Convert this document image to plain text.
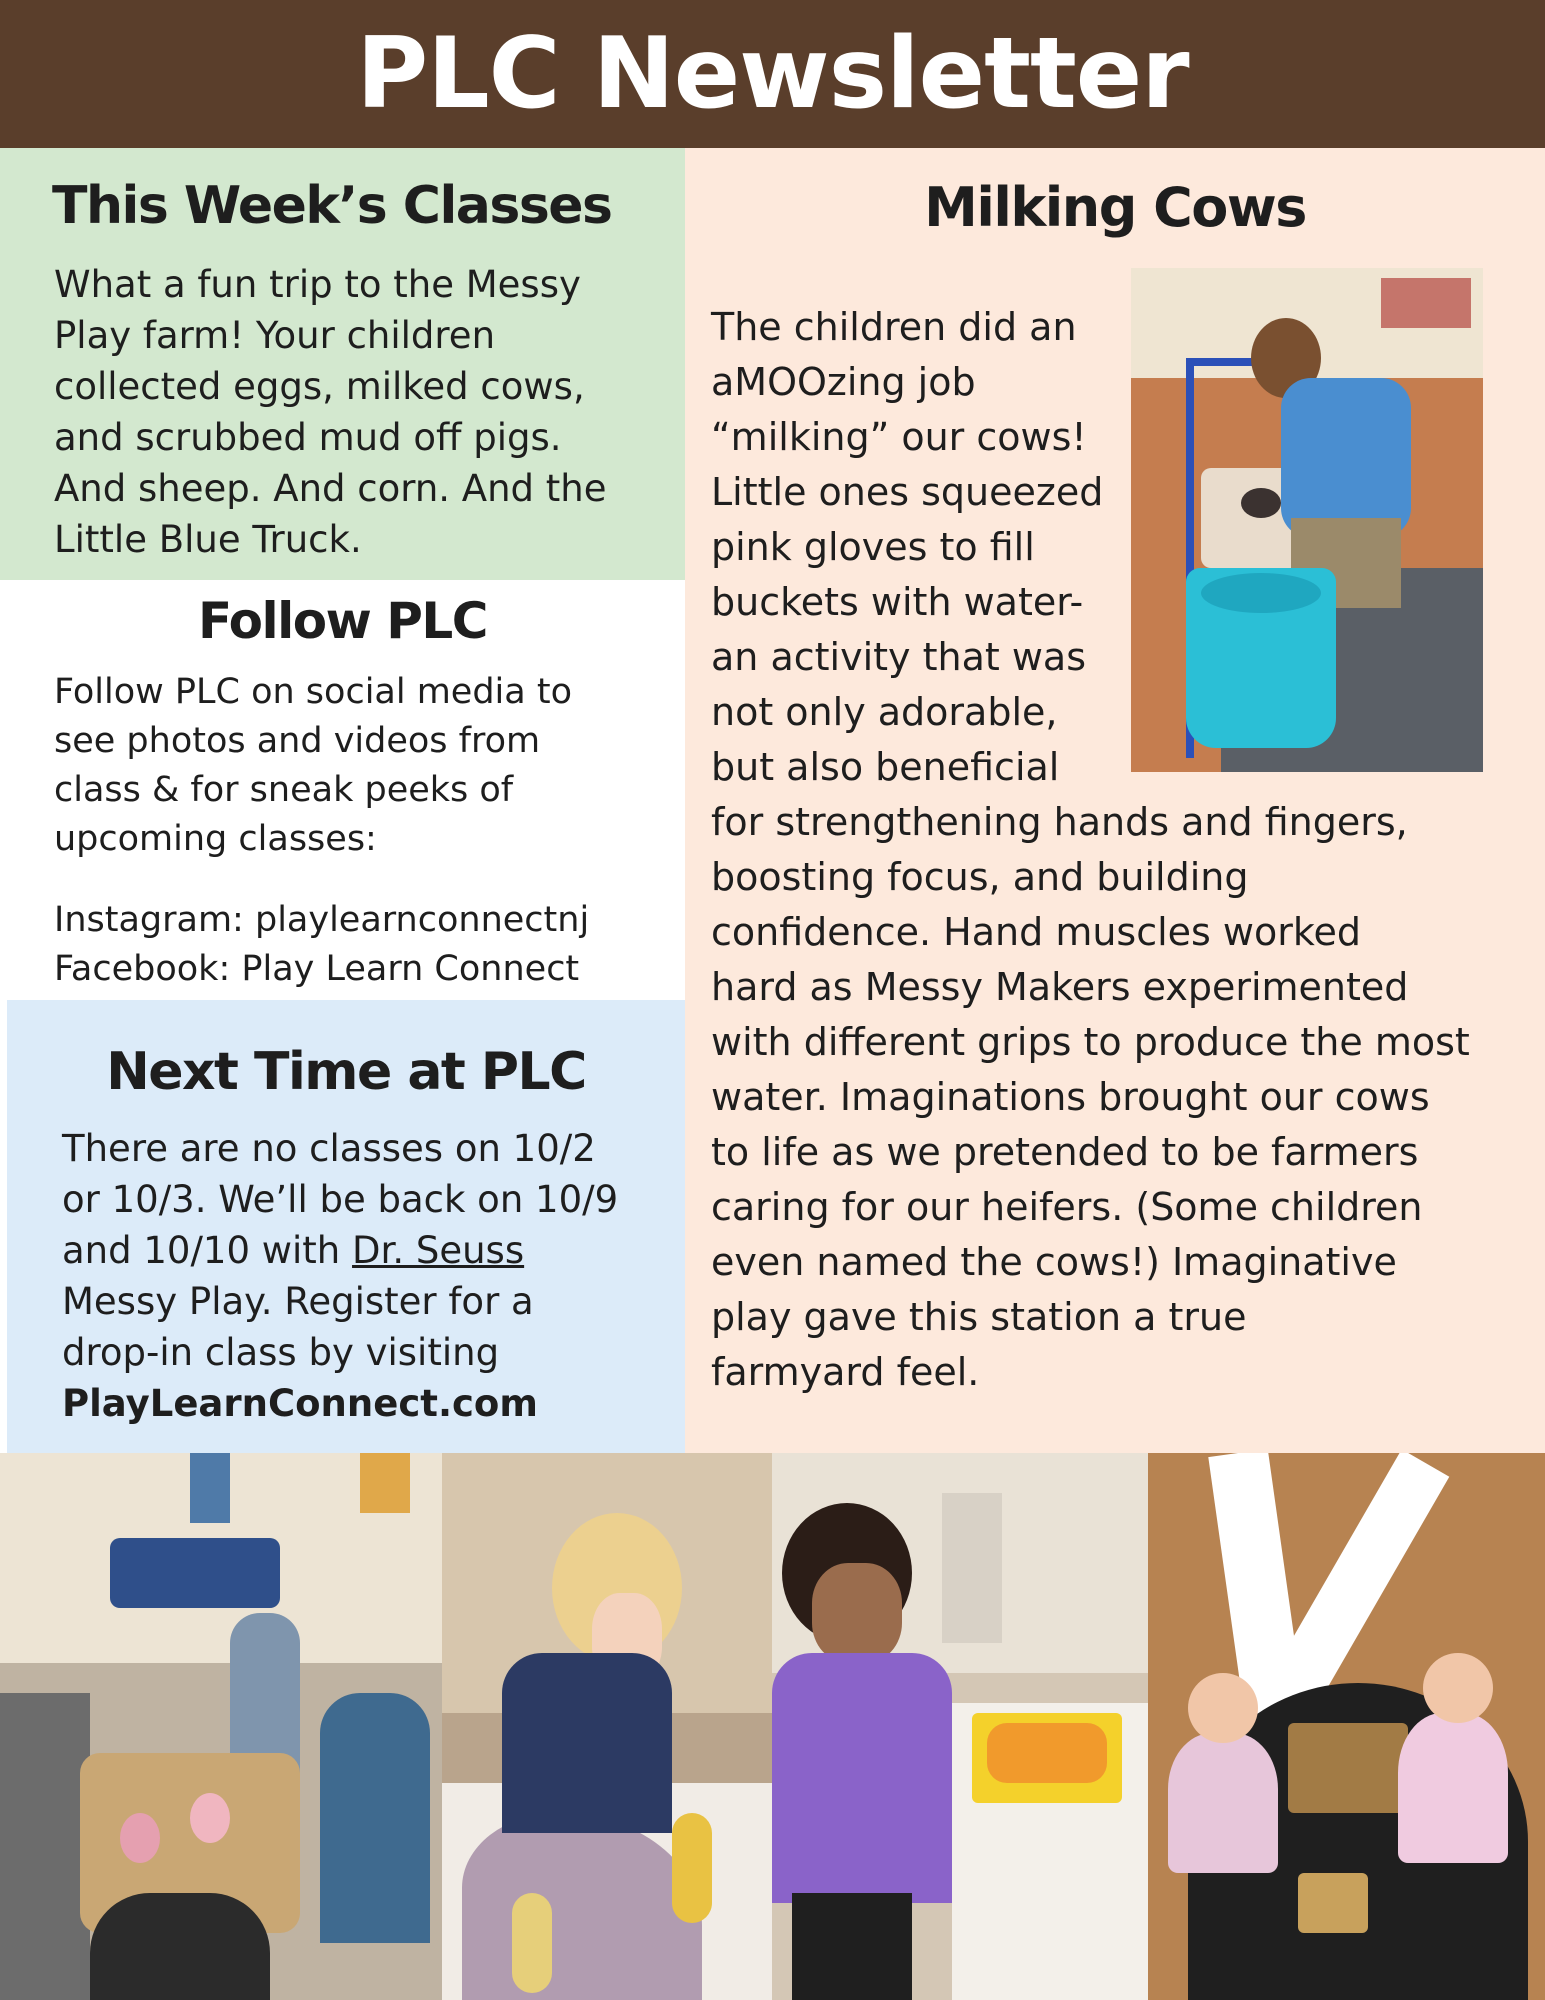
PLC Newsletter
This Week’s Classes
What a fun trip to the Messy
Play farm! Your children
collected eggs, milked cows,
and scrubbed mud off pigs.
And sheep. And corn. And the
Little Blue Truck.
Follow PLC
Follow PLC on social media to
see photos and videos from
class & for sneak peeks of
upcoming classes:
Instagram: playlearnconnectnj
Facebook: Play Learn Connect
Next Time at PLC
There are no classes on 10/2
or 10/3. We’ll be back on 10/9
and 10/10 with Dr. Seuss
Messy Play. Register for a
drop-in class by visiting
PlayLearnConnect.com
Milking Cows
The children did an
aMOOzing job
“milking” our cows!
Little ones squeezed
pink gloves to fill
buckets with water-
an activity that was
not only adorable,
but also beneficial
for strengthening hands and fingers,
boosting focus, and building
confidence. Hand muscles worked
hard as Messy Makers experimented
with different grips to produce the most
water. Imaginations brought our cows
to life as we pretended to be farmers
caring for our heifers. (Some children
even named the cows!) Imaginative
play gave this station a true
farmyard feel.
